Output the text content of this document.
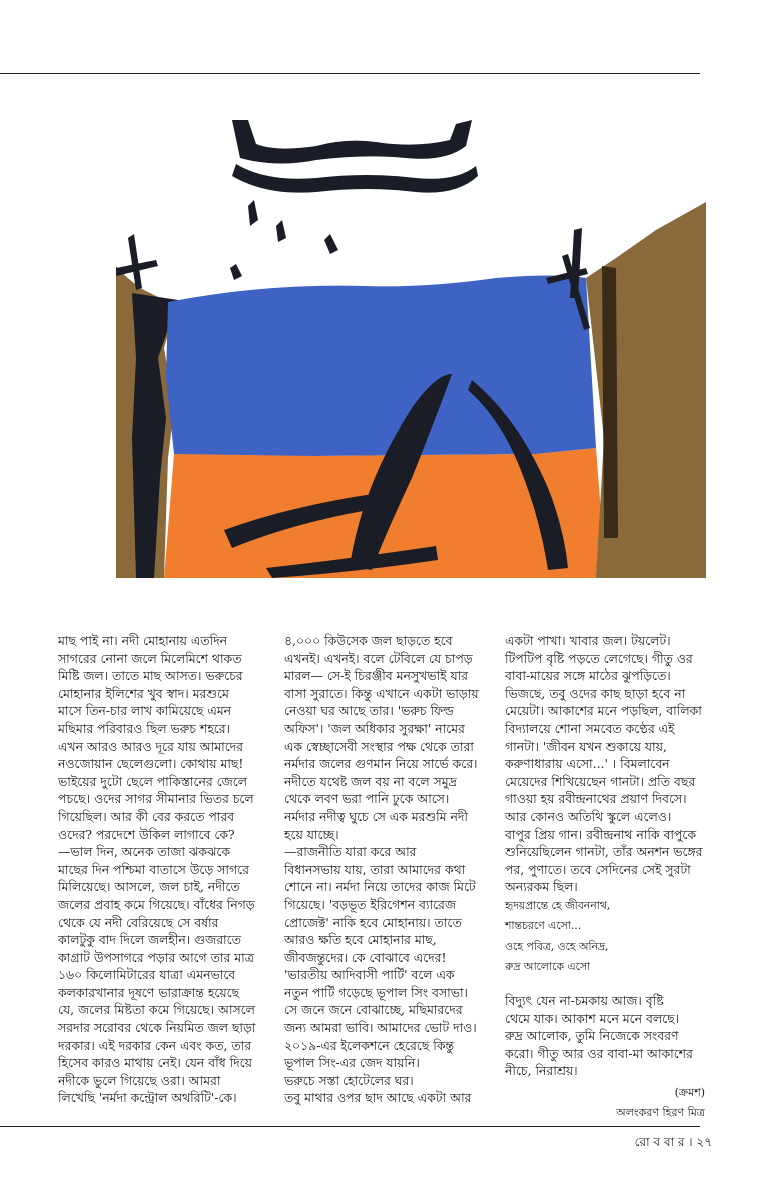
মাছ পাই না। নদী মোহানায় এতদিন
সাগরের নোনা জলে মিলেমিশে থাকত
মিষ্টি জল। তাতে মাছ আসত। ভরুচের
মোহানার ইলিশের খুব স্বাদ। মরশুমে
মাসে তিন-চার লাখ কামিয়েছে এমন
মছিমার পরিবারও ছিল ভরুচ শহরে।
এখন আরও আরও দূরে যায় আমাদের
নওজোয়ান ছেলেগুলো। কোথায় মাছ!
ভাইয়ের দুটো ছেলে পাকিস্তানের জেলে
পচছে। ওদের সাগর সীমানার ভিতর চলে
গিয়েছিল। আর কী বের করতে পারব
ওদের? পরদেশে উকিল লাগাবে কে?
—ভাল দিন, অনেক তাজা ঝকঝকে
মাছের দিন পশ্চিমা বাতাসে উড়ে সাগরে
মিলিয়েছে। আসলে, জল চাই, নদীতে
জলের প্রবাহ কমে গিয়েছে। বাঁধের নিগড়
থেকে যে নদী বেরিয়েছে সে বর্ষার
কালটুকু বাদ দিলে জলহীন। গুজরাতে
কাগ্রাট উপসাগরে পড়ার আগে তার মাত্র
১৬০ কিলোমিটারের যাত্রা এমনভাবে
কলকারখানার দূষণে ভারাক্রান্ত হয়েছে
যে, জলের মিষ্টতা কমে গিয়েছে। আসলে
সরদার সরোবর থেকে নিয়মিত জল ছাড়া
দরকার। এই দরকার কেন এবং কত, তার
হিসেব কারও মাথায় নেই। যেন বাঁধ দিয়ে
নদীকে ভুলে গিয়েছে ওরা। আমরা
লিখেছি 'নর্মদা কন্ট্রোল অথরিটি'-কে।

৪,০০০ কিউসেক জল ছাড়তে হবে
এখনই। এখনই। বলে টেবিলে যে চাপড়
মারল— সে-ই চিরঞ্জীব মনসুখভাই যার
বাসা সুরাতে। কিন্তু এখানে একটা ভাড়ায়
নেওয়া ঘর আছে তার। 'ভরুচ ফিল্ড
অফিস'। 'জল অধিকার সুরক্ষা' নামের
এক স্বেচ্ছাসেবী সংস্থার পক্ষ থেকে তারা
নর্মদার জলের গুণমান নিয়ে সার্ভে করে।
নদীতে যথেষ্ট জল বয় না বলে সমুদ্র
থেকে লবণ ভরা পানি ঢুকে আসে।
নর্মদার নদীত্ব ঘুচে সে এক মরশুমি নদী
হয়ে যাচ্ছে।
—রাজনীতি যারা করে আর
বিধানসভায় যায়, তারা আমাদের কথা
শোনে না। নর্মদা নিয়ে তাদের কাজ মিটে
গিয়েছে। 'বড়ভূত ইরিগেশন ব্যারেজ
প্রোজেক্ট' নাকি হবে মোহানায়। তাতে
আরও ক্ষতি হবে মোহানার মাছ,
জীবজন্তুদের। কে বোঝাবে এদের!
'ভারতীয় আদিবাসী পার্টি' বলে এক
নতুন পার্টি গড়েছে ভূপাল সিং বসাভা।
সে জনে জনে বোঝাচ্ছে, মছিমারদের
জন্য আমরা ভাবি। আমাদের ভোট দাও।
২০১৯-এর ইলেকশনে হেরেছে কিন্তু
ভূপাল সিং-এর জেদ যায়নি।
ভরুচে সস্তা হোটেলের ঘর।
তবু মাথার ওপর ছাদ আছে একটা আর

একটা পাখা। খাবার জল। টয়লেট।
টিপটিপ বৃষ্টি পড়তে লেগেছে। গীতু ওর
বাবা-মায়ের সঙ্গে মাঠের ঝুপড়িতে।
ভিজছে, তবু ওদের কাছ ছাড়া হবে না
মেয়েটা। আকাশের মনে পড়ছিল, বালিকা
বিদ্যালয়ে শোনা সমবেত কণ্ঠের এই
গানটা। 'জীবন যখন শুকায়ে যায়,
করুণাধারায় এসো...' । বিমলাবেন
মেয়েদের শিখিয়েছেন গানটা। প্রতি বছর
গাওয়া হয় রবীন্দ্রনাথের প্রয়াণ দিবসে।
আর কোনও অতিথি স্কুলে এলেও।
বাপুর প্রিয় গান। রবীন্দ্রনাথ নাকি বাপুকে
শুনিয়েছিলেন গানটা, তাঁর অনশন ভঙ্গের
পর, পুণাতে। তবে সেদিনের সেই সুরটা
অন্যরকম ছিল।

হৃদয়প্রান্তে হে জীবননাথ,
শান্তচরণে এসো...
ওহে পবিত্র, ওহে অনিদ্র,
রুদ্র আলোকে এসো

বিদ্যুৎ যেন না-চমকায় আজ। বৃষ্টি
থেমে যাক। আকাশ মনে মনে বলছে।
রুদ্র আলোক, তুমি নিজেকে সংবরণ
করো। গীতু আর ওর বাবা-মা আকাশের
নীচে, নিরাশ্রয়।

(ক্রমশ)
অলংকরণ হিরণ মিত্র
রো ব বা র । ২৭
